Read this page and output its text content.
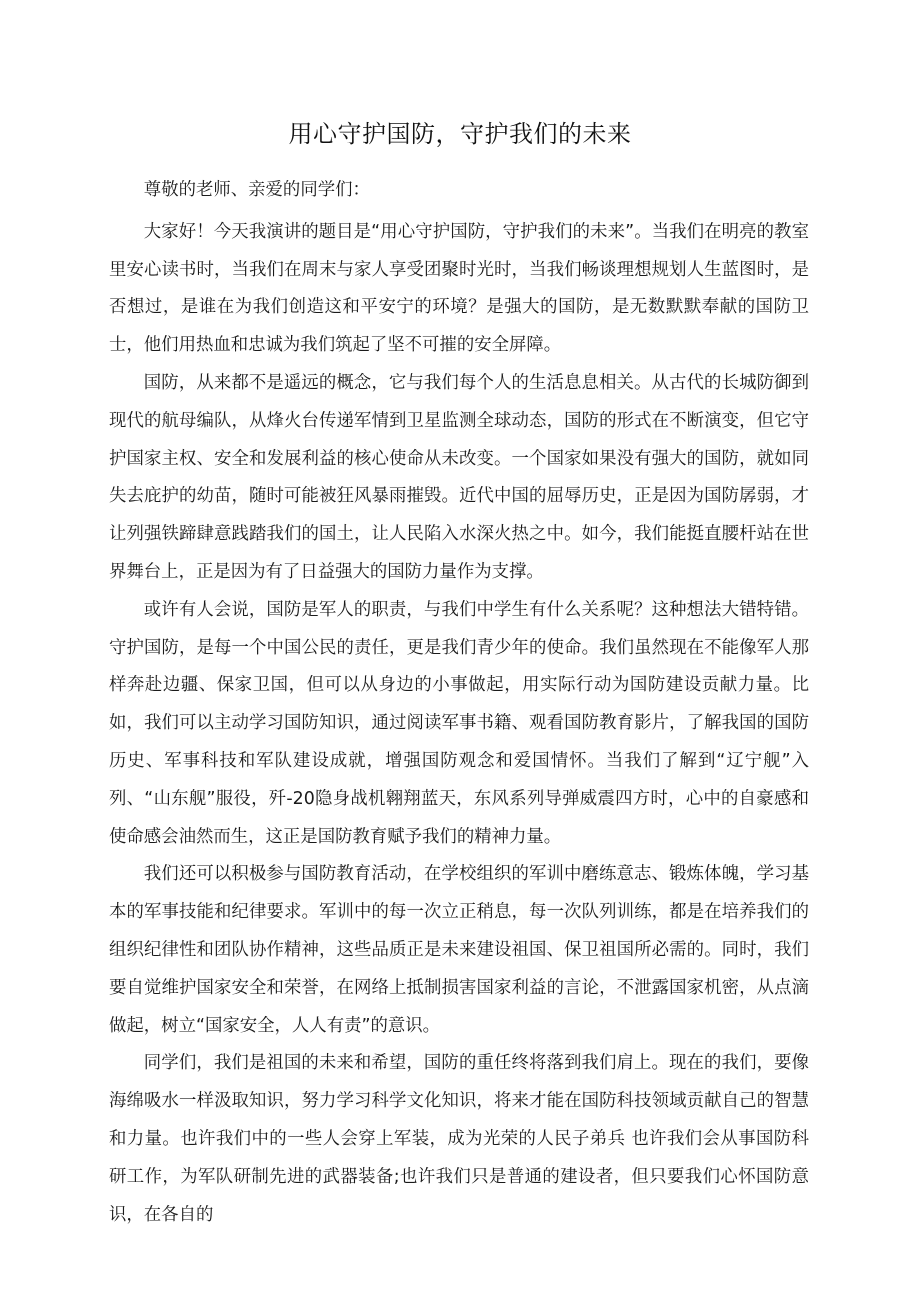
用心守护国防，守护我们的未来

尊敬的老师、亲爱的同学们：

大家好！今天我演讲的题目是“用心守护国防，守护我们的未来”。当我们在明亮的教室里安心读书时，当我们在周末与家人享受团聚时光时，当我们畅谈理想规划人生蓝图时，是否想过，是谁在为我们创造这和平安宁的环境？是强大的国防，是无数默默奉献的国防卫士，他们用热血和忠诚为我们筑起了坚不可摧的安全屏障。

国防，从来都不是遥远的概念，它与我们每个人的生活息息相关。从古代的长城防御到现代的航母编队，从烽火台传递军情到卫星监测全球动态，国防的形式在不断演变，但它守护国家主权、安全和发展利益的核心使命从未改变。一个国家如果没有强大的国防，就如同失去庇护的幼苗，随时可能被狂风暴雨摧毁。近代中国的屈辱历史，正是因为国防孱弱，才让列强铁蹄肆意践踏我们的国土，让人民陷入水深火热之中。如今，我们能挺直腰杆站在世界舞台上，正是因为有了日益强大的国防力量作为支撑。

或许有人会说，国防是军人的职责，与我们中学生有什么关系呢？这种想法大错特错。守护国防，是每一个中国公民的责任，更是我们青少年的使命。我们虽然现在不能像军人那样奔赴边疆、保家卫国，但可以从身边的小事做起，用实际行动为国防建设贡献力量。比如，我们可以主动学习国防知识，通过阅读军事书籍、观看国防教育影片，了解我国的国防历史、军事科技和军队建设成就，增强国防观念和爱国情怀。当我们了解到“辽宁舰”入列、“山东舰”服役，歼-20隐身战机翱翔蓝天，东风系列导弹威震四方时，心中的自豪感和使命感会油然而生，这正是国防教育赋予我们的精神力量。

我们还可以积极参与国防教育活动，在学校组织的军训中磨练意志、锻炼体魄，学习基本的军事技能和纪律要求。军训中的每一次立正稍息，每一次队列训练，都是在培养我们的组织纪律性和团队协作精神，这些品质正是未来建设祖国、保卫祖国所必需的。同时，我们要自觉维护国家安全和荣誉，在网络上抵制损害国家利益的言论，不泄露国家机密，从点滴做起，树立“国家安全，人人有责”的意识。

同学们，我们是祖国的未来和希望，国防的重任终将落到我们肩上。现在的我们，要像海绵吸水一样汲取知识，努力学习科学文化知识，将来才能在国防科技领域贡献自己的智慧和力量。也许我们中的一些人会穿上军装，成为光荣的人民子弟兵 也许我们会从事国防科研工作，为军队研制先进的武器装备;也许我们只是普通的建设者，但只要我们心怀国防意识，在各自的
